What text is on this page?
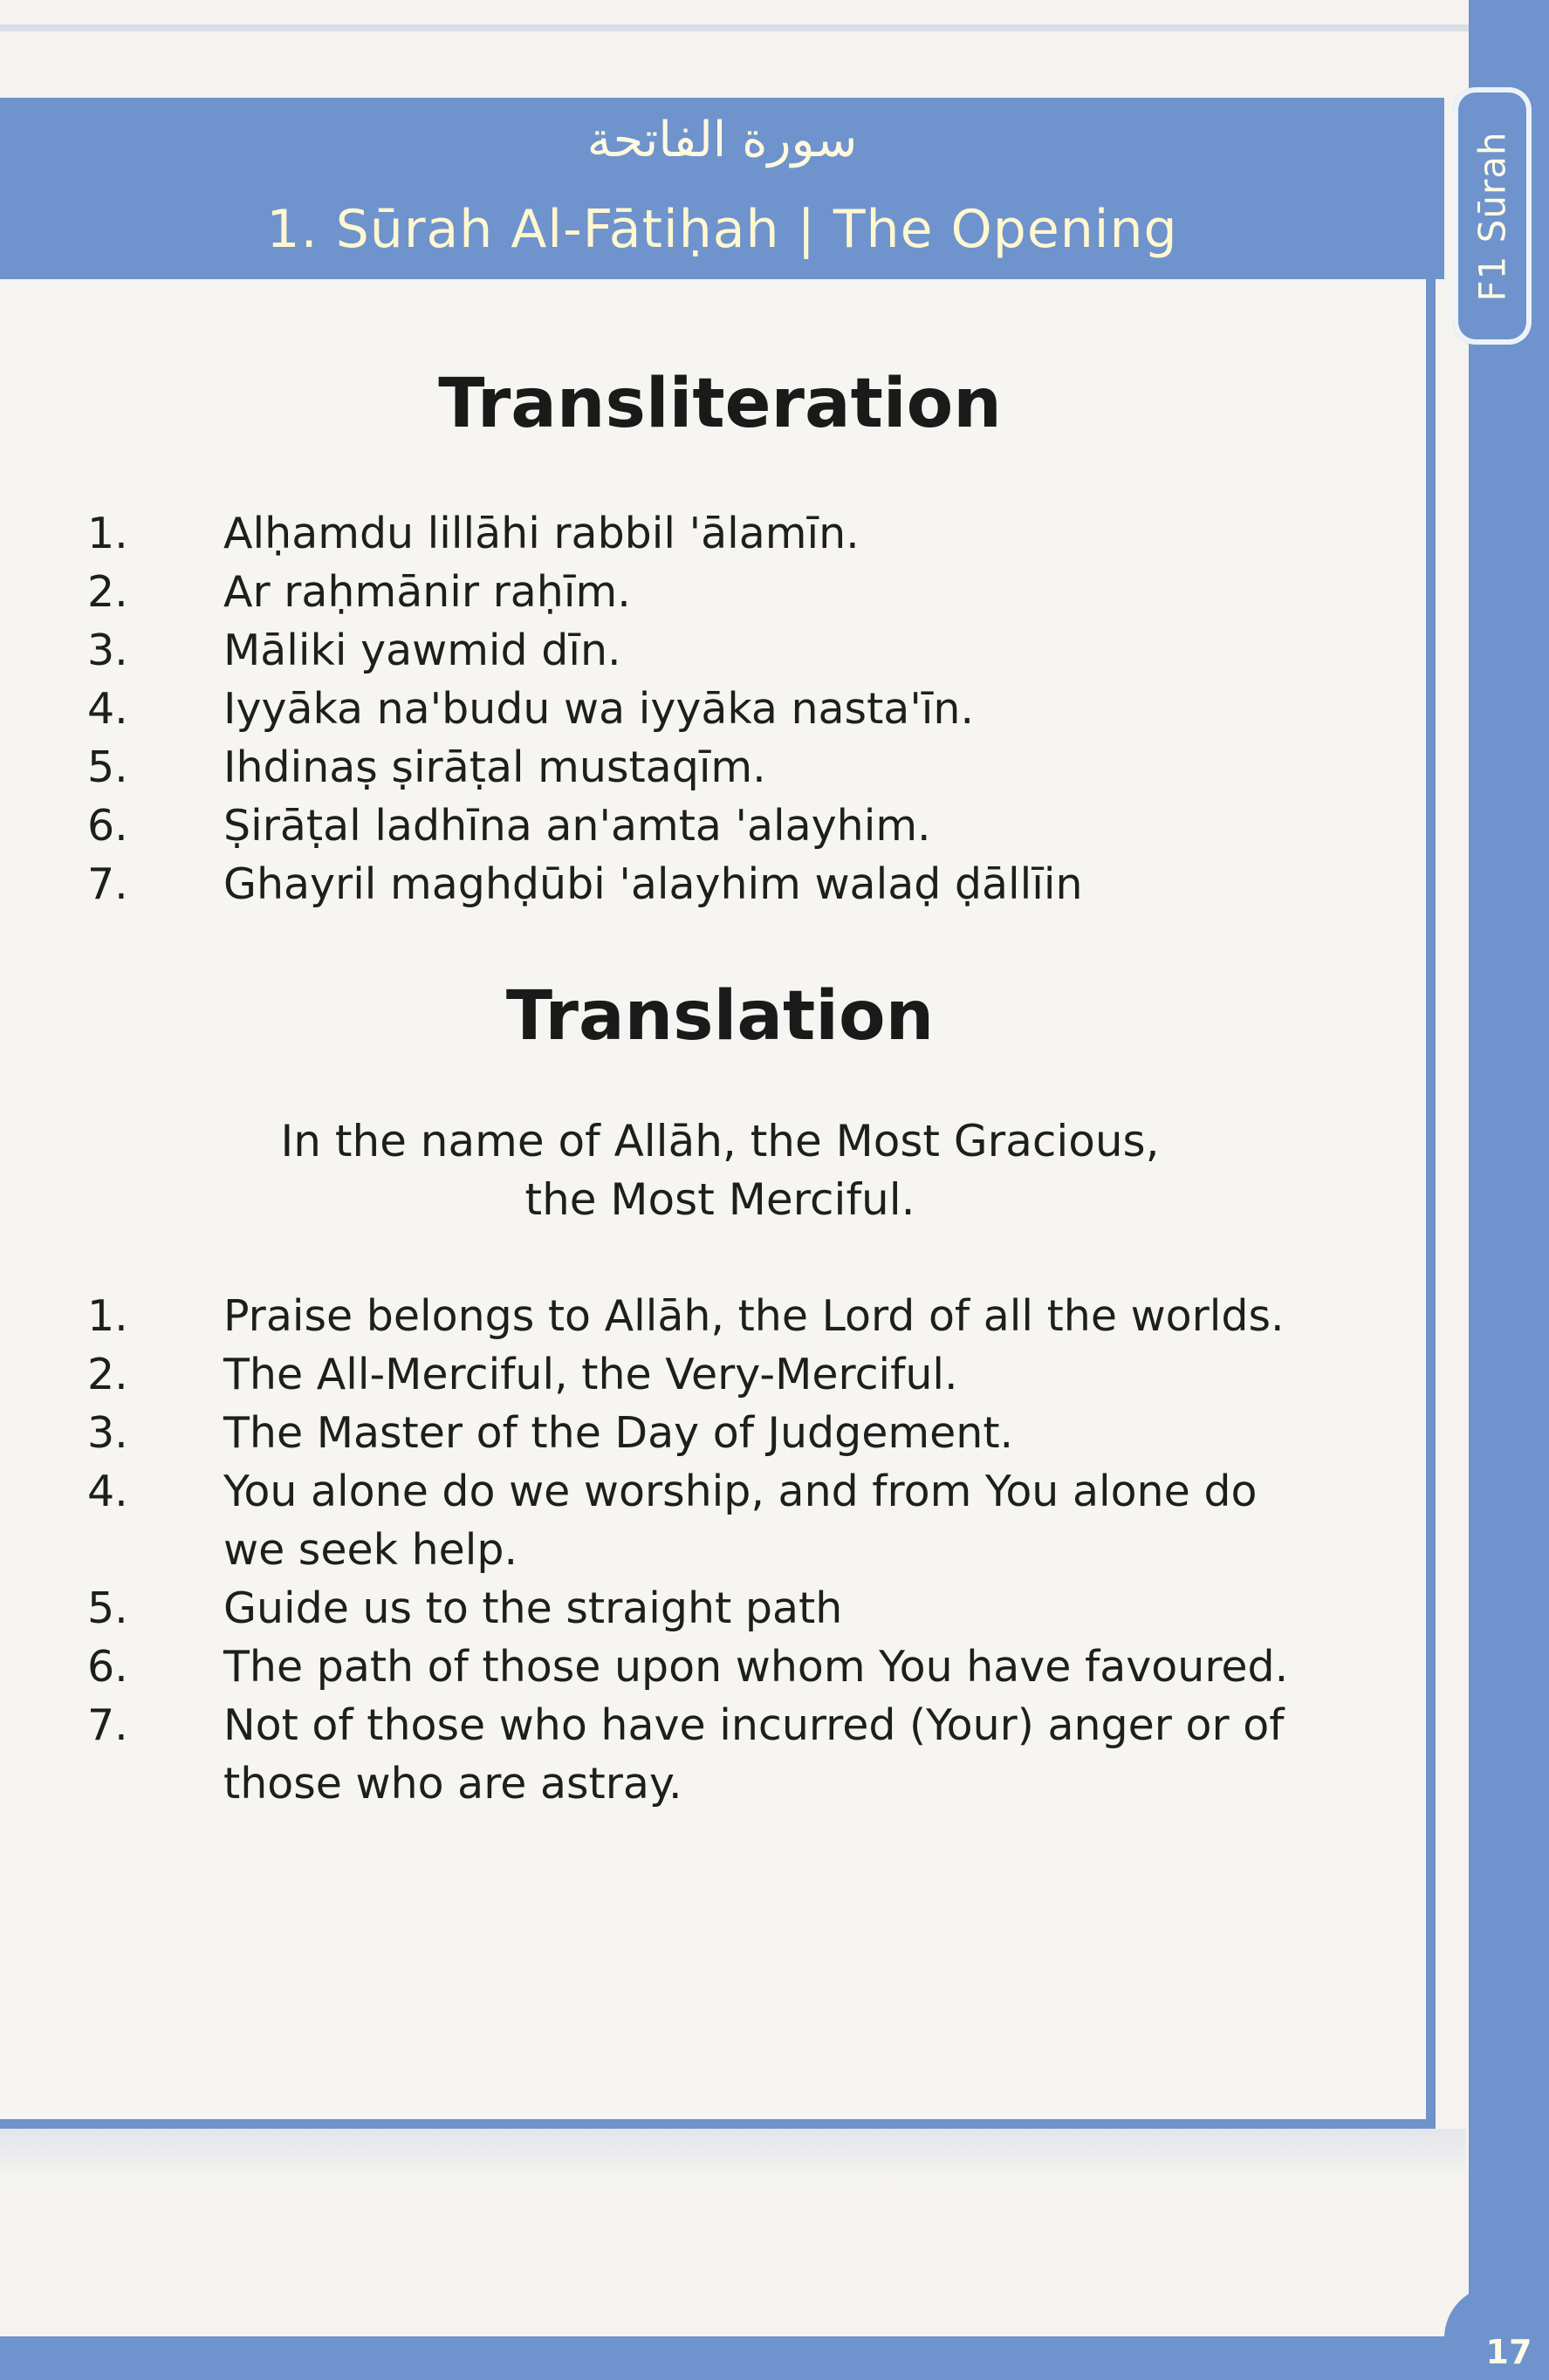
F1 Sūrah
سورة الفاتحة
1. Sūrah Al-Fātiḥah | The Opening
Transliteration
1. Alḥamdu lillāhi rabbil 'ālamīn.
2. Ar raḥmānir raḥīm.
3. Māliki yawmid dīn.
4. Iyyāka na'budu wa iyyāka nasta'īn.
5. Ihdinaṣ ṣirāṭal mustaqīm.
6. Ṣirāṭal ladhīna an'amta 'alayhim.
7. Ghayril maghḍūbi 'alayhim walaḍ ḍāllīin
Translation
In the name of Allāh, the Most Gracious,
the Most Merciful.
1. Praise belongs to Allāh, the Lord of all the worlds.
2. The All-Merciful, the Very-Merciful.
3. The Master of the Day of Judgement.
4. You alone do we worship, and from You alone do we seek help.
5. Guide us to the straight path
6. The path of those upon whom You have favoured.
7. Not of those who have incurred (Your) anger or of those who are astray.
17
